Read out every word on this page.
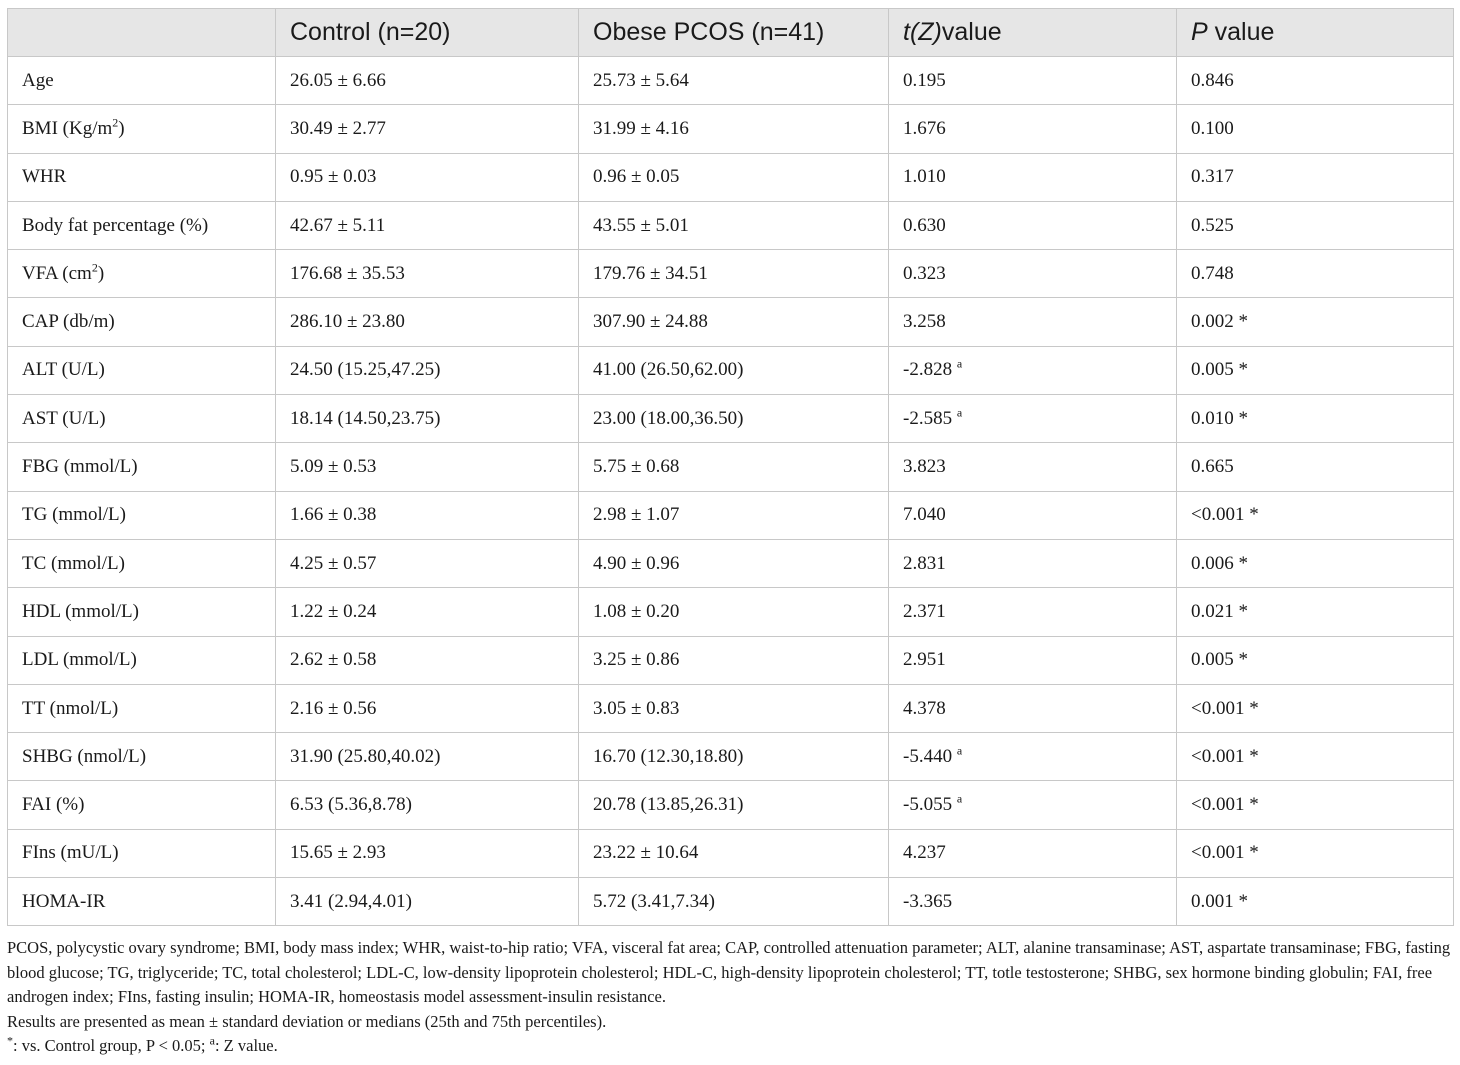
	Control (n=20)	Obese PCOS (n=41)	t(Z)value	P value
Age	26.05 ± 6.66	25.73 ± 5.64	0.195	0.846
BMI $(Kg/m^2)$	30.49 ± 2.77	31.99 ± 4.16	1.676	0.100
WHR	0.95 ± 0.03	0.96 ± 0.05	1.010	0.317
Body fat percentage (%)	42.67 ± 5.11	43.55 ± 5.01	0.630	0.525
VFA $(cm^2)$	176.68 ± 35.53	179.76 ± 34.51	0.323	0.748
CAP (db/m)	286.10 ± 23.80	307.90 ± 24.88	3.258	0.002 *
ALT (U/L)	24.50 (15.25,47.25)	41.00 (26.50,62.00)	-2.828 $^a$	0.005 *
AST (U/L)	18.14 (14.50,23.75)	23.00 (18.00,36.50)	-2.585 $^a$	0.010 *
FBG (mmol/L)	5.09 ± 0.53	5.75 ± 0.68	3.823	0.665
TG (mmol/L)	1.66 ± 0.38	2.98 ± 1.07	7.040	<0.001 *
TC (mmol/L)	4.25 ± 0.57	4.90 ± 0.96	2.831	0.006 *
HDL (mmol/L)	1.22 ± 0.24	1.08 ± 0.20	2.371	0.021 *
LDL (mmol/L)	2.62 ± 0.58	3.25 ± 0.86	2.951	0.005 *
TT (nmol/L)	2.16 ± 0.56	3.05 ± 0.83	4.378	<0.001 *
SHBG (nmol/L)	31.90 (25.80,40.02)	16.70 (12.30,18.80)	-5.440 $^a$	<0.001 *
FAI (%)	6.53 (5.36,8.78)	20.78 (13.85,26.31)	-5.055 $^a$	<0.001 *
FIns (mU/L)	15.65 ± 2.93	23.22 ± 10.64	4.237	<0.001 *
HOMA-IR	3.41 (2.94,4.01)	5.72 (3.41,7.34)	-3.365	0.001 *

PCOS, polycystic ovary syndrome; BMI, body mass index; WHR, waist-to-hip ratio; VFA, visceral fat area; CAP, controlled attenuation parameter; ALT, alanine transaminase; AST, aspartate transaminase; FBG, fasting blood glucose; TG, triglyceride; TC, total cholesterol; LDL-C, low-density lipoprotein cholesterol; HDL-C, high-density lipoprotein cholesterol; TT, totle testosterone; SHBG, sex hormone binding globulin; FAI, free androgen index; FIns, fasting insulin; HOMA-IR, homeostasis model assessment-insulin resistance.

Results are presented as mean ± standard deviation or medians (25th and 75th percentiles).

*: vs. Control group, P < 0.05; $^a$: Z value.
